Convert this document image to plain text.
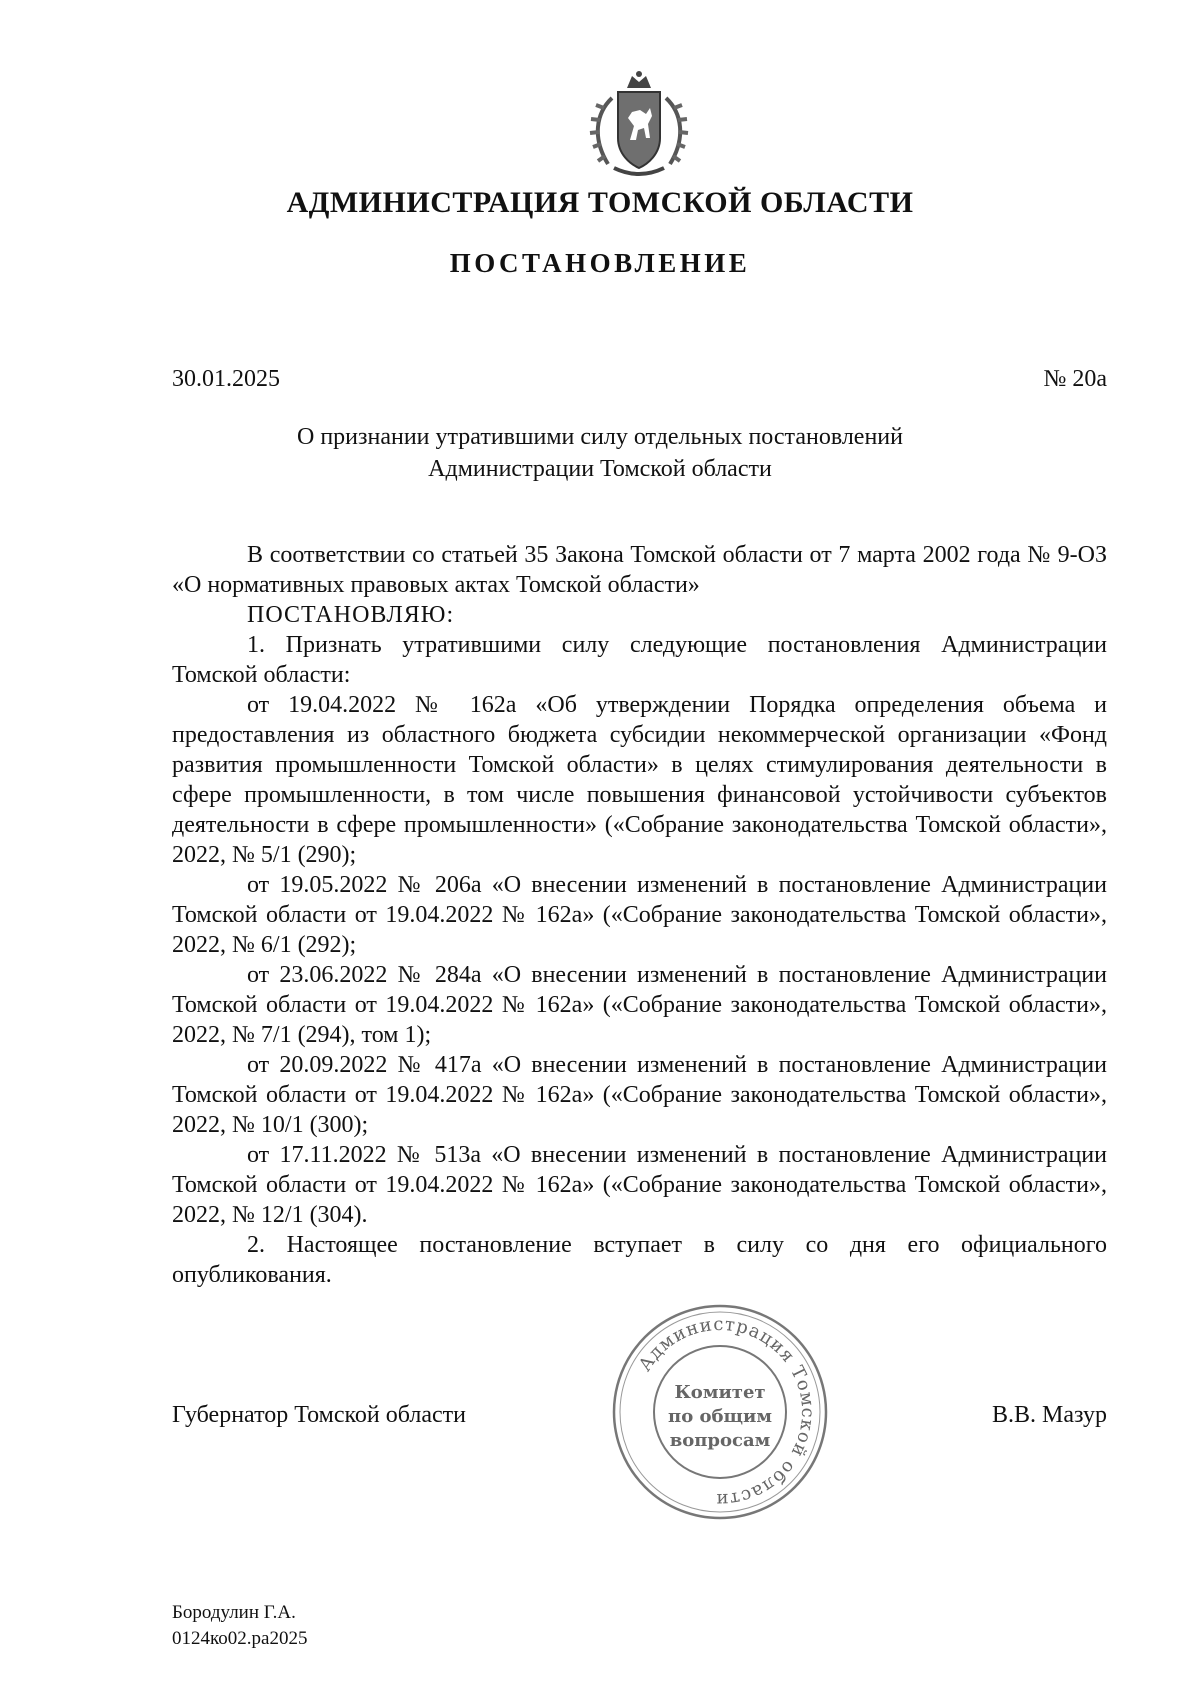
АДМИНИСТРАЦИЯ ТОМСКОЙ ОБЛАСТИ
ПОСТАНОВЛЕНИЕ
30.01.2025	№ 20а
О признании утратившими силу отдельных постановлений
Администрации Томской области

В соответствии со статьей 35 Закона Томской области от 7 марта 2002 года № 9-ОЗ «О нормативных правовых актах Томской области»

ПОСТАНОВЛЯЮ:

1. Признать утратившими силу следующие постановления Администрации Томской области:

от 19.04.2022 № 162а «Об утверждении Порядка определения объема и предоставления из областного бюджета субсидии некоммерческой организации «Фонд развития промышленности Томской области» в целях стимулирования деятельности в сфере промышленности, в том числе повышения финансовой устойчивости субъектов деятельности в сфере промышленности» («Собрание законодательства Томской области», 2022, № 5/1 (290);

от 19.05.2022 № 206а «О внесении изменений в постановление Администрации Томской области от 19.04.2022 № 162а» («Собрание законодательства Томской области», 2022, № 6/1 (292);

от 23.06.2022 № 284а «О внесении изменений в постановление Администрации Томской области от 19.04.2022 № 162а» («Собрание законодательства Томской области», 2022, № 7/1 (294), том 1);

от 20.09.2022 № 417а «О внесении изменений в постановление Администрации Томской области от 19.04.2022 № 162а» («Собрание законодательства Томской области», 2022, № 10/1 (300);

от 17.11.2022 № 513а «О внесении изменений в постановление Администрации Томской области от 19.04.2022 № 162а» («Собрание законодательства Томской области», 2022, № 12/1 (304).

2. Настоящее постановление вступает в силу со дня его официального опубликования.

Губернатор Томской области	В.В. Мазур
Администрация Томской области
Комитет
по общим
вопросам
Бородулин Г.А.
0124ко02.ра2025
